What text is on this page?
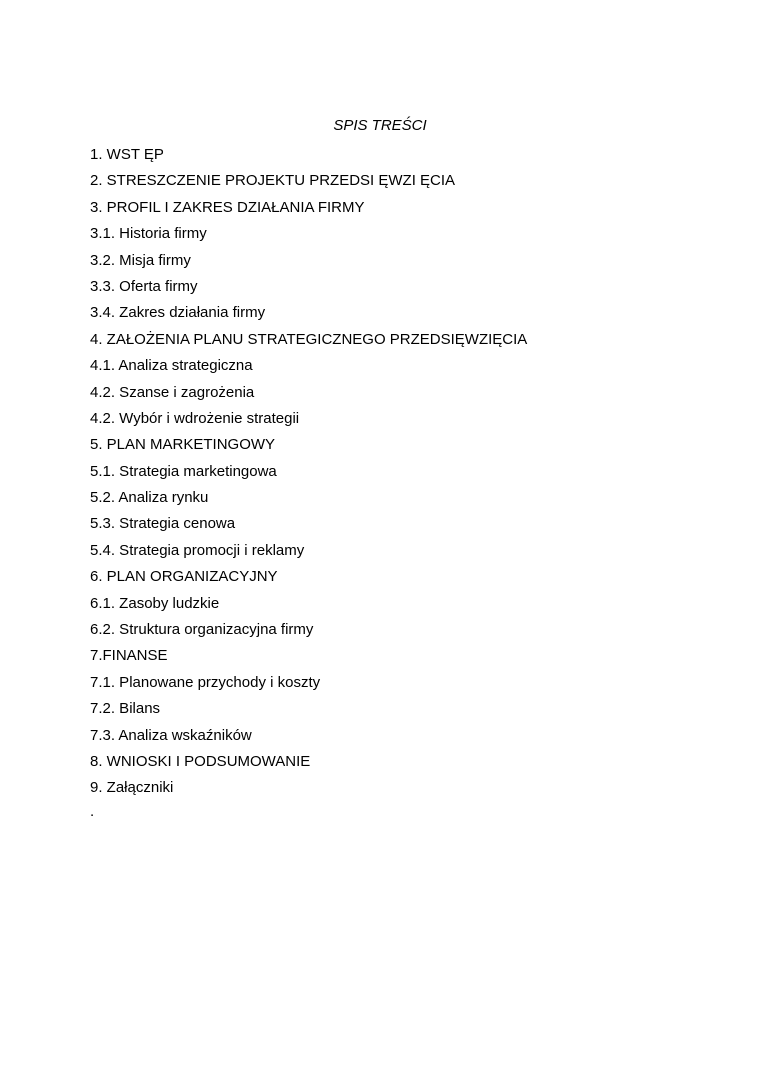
SPIS TREŚCI
1. WST ĘP
2. STRESZCZENIE PROJEKTU PRZEDSI ĘWZI ĘCIA
3. PROFIL I ZAKRES DZIAŁANIA FIRMY
3.1. Historia firmy
3.2. Misja firmy
3.3. Oferta firmy
3.4. Zakres działania firmy
4. ZAŁOŻENIA PLANU STRATEGICZNEGO PRZEDSIĘWZIĘCIA
4.1. Analiza strategiczna
4.2. Szanse i zagrożenia
4.2. Wybór i wdrożenie strategii
5. PLAN MARKETINGOWY
5.1. Strategia marketingowa
5.2. Analiza rynku
5.3. Strategia cenowa
5.4. Strategia promocji i reklamy
6. PLAN ORGANIZACYJNY
6.1. Zasoby ludzkie
6.2. Struktura organizacyjna firmy
7.FINANSE
7.1. Planowane przychody i koszty
7.2. Bilans
7.3. Analiza wskaźników
8. WNIOSKI I PODSUMOWANIE
9. Załączniki
.
